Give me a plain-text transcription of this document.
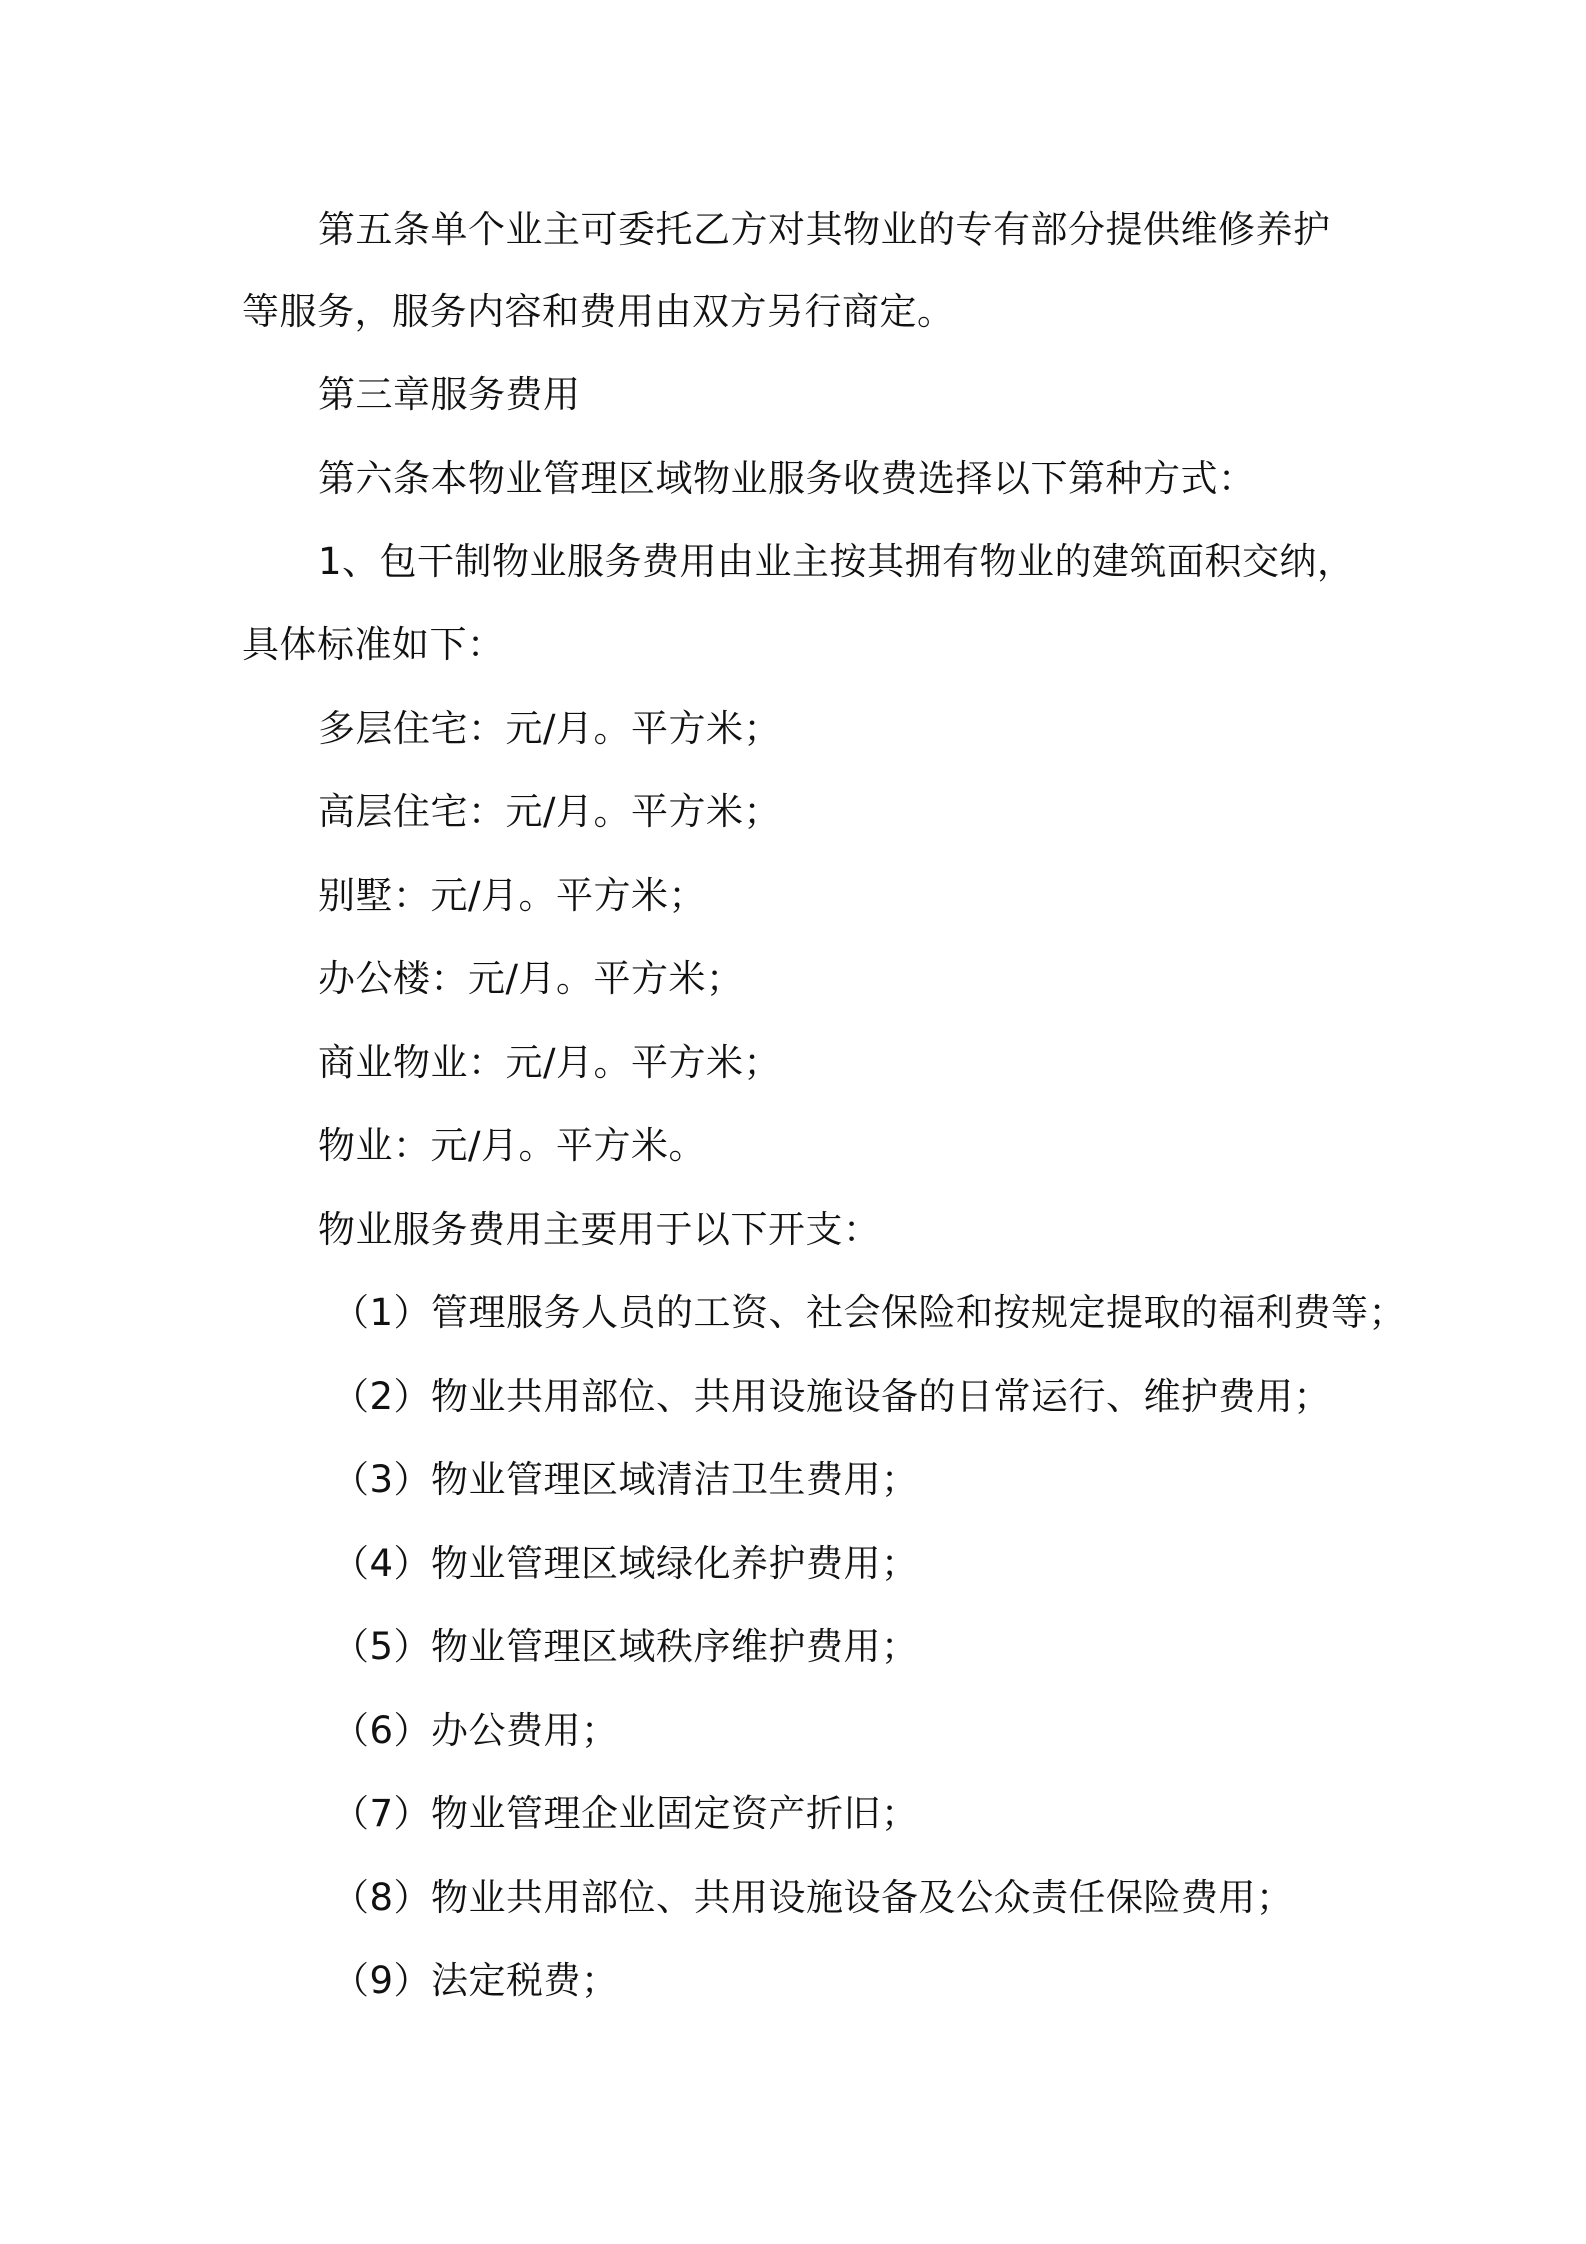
第五条单个业主可委托乙方对其物业的专有部分提供维修养护
等服务，服务内容和费用由双方另行商定。
第三章服务费用
第六条本物业管理区域物业服务收费选择以下第种方式：
1、包干制物业服务费用由业主按其拥有物业的建筑面积交纳，
具体标准如下：
多层住宅：元/月。平方米；
高层住宅：元/月。平方米；
别墅：元/月。平方米；
办公楼：元/月。平方米；
商业物业：元/月。平方米；
物业：元/月。平方米。
物业服务费用主要用于以下开支：
（1）管理服务人员的工资、社会保险和按规定提取的福利费等；
（2）物业共用部位、共用设施设备的日常运行、维护费用；
（3）物业管理区域清洁卫生费用；
（4）物业管理区域绿化养护费用；
（5）物业管理区域秩序维护费用；
（6）办公费用；
（7）物业管理企业固定资产折旧；
（8）物业共用部位、共用设施设备及公众责任保险费用；
（9）法定税费；
